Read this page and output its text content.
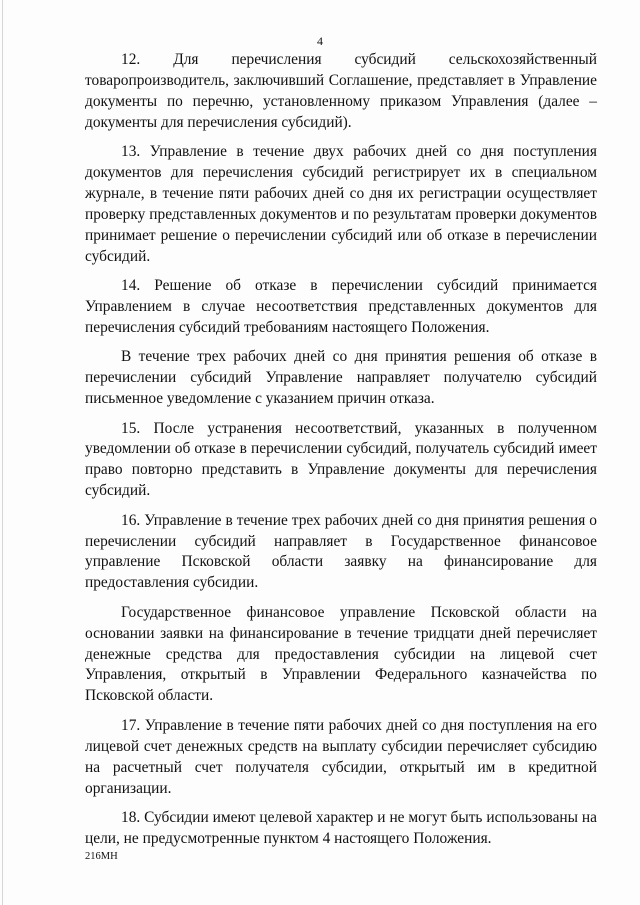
4

12. Для перечисления субсидий сельскохозяйственный товаропроизводитель, заключивший Соглашение, представляет в Управление документы по перечню, установленному приказом Управления (далее – документы для перечисления субсидий).

13. Управление в течение двух рабочих дней со дня поступления документов для перечисления субсидий регистрирует их в специальном журнале, в течение пяти рабочих дней со дня их регистрации осуществляет проверку представленных документов и по результатам проверки документов принимает решение о перечислении субсидий или об отказе в перечислении субсидий.

14. Решение об отказе в перечислении субсидий принимается Управлением в случае несоответствия представленных документов для перечисления субсидий требованиям настоящего Положения.

В течение трех рабочих дней со дня принятия решения об отказе в перечислении субсидий Управление направляет получателю субсидий письменное уведомление с указанием причин отказа.

15. После устранения несоответствий, указанных в полученном уведомлении об отказе в перечислении субсидий, получатель субсидий имеет право повторно представить в Управление документы для перечисления субсидий.

16. Управление в течение трех рабочих дней со дня принятия решения о перечислении субсидий направляет в Государственное финансовое управление Псковской области заявку на финансирование для предоставления субсидии.

Государственное финансовое управление Псковской области на основании заявки на финансирование в течение тридцати дней перечисляет денежные средства для предоставления субсидии на лицевой счет Управления, открытый в Управлении Федерального казначейства по Псковской области.

17. Управление в течение пяти рабочих дней со дня поступления на его лицевой счет денежных средств на выплату субсидии перечисляет субсидию на расчетный счет получателя субсидии, открытый им в кредитной организации.

18. Субсидии имеют целевой характер и не могут быть использованы на цели, не предусмотренные пунктом 4 настоящего Положения.

216МН
